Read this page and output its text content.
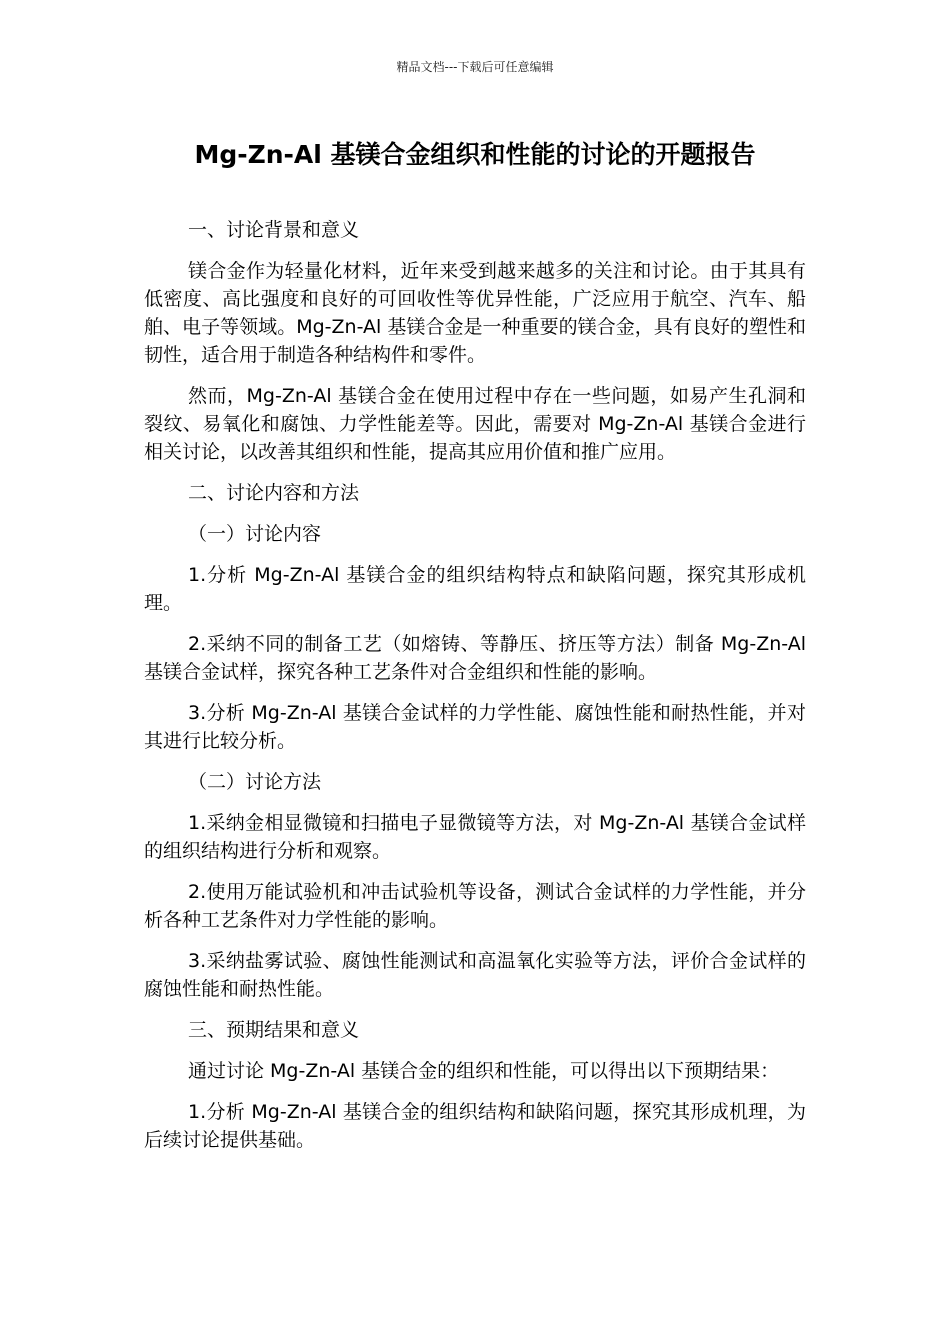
精品文档---下载后可任意编辑
Mg-Zn-Al 基镁合金组织和性能的讨论的开题报告

一、讨论背景和意义

镁合金作为轻量化材料，近年来受到越来越多的关注和讨论。由于其具有低密度、高比强度和良好的可回收性等优异性能，广泛应用于航空、汽车、船舶、电子等领域。Mg-Zn-Al 基镁合金是一种重要的镁合金，具有良好的塑性和韧性，适合用于制造各种结构件和零件。

然而，Mg-Zn-Al 基镁合金在使用过程中存在一些问题，如易产生孔洞和裂纹、易氧化和腐蚀、力学性能差等。因此，需要对 Mg-Zn-Al 基镁合金进行相关讨论，以改善其组织和性能，提高其应用价值和推广应用。

二、讨论内容和方法

（一）讨论内容

1.分析 Mg-Zn-Al 基镁合金的组织结构特点和缺陷问题，探究其形成机理。

2.采纳不同的制备工艺（如熔铸、等静压、挤压等方法）制备 Mg-Zn-Al 基镁合金试样，探究各种工艺条件对合金组织和性能的影响。

3.分析 Mg-Zn-Al 基镁合金试样的力学性能、腐蚀性能和耐热性能，并对其进行比较分析。

（二）讨论方法

1.采纳金相显微镜和扫描电子显微镜等方法，对 Mg-Zn-Al 基镁合金试样的组织结构进行分析和观察。

2.使用万能试验机和冲击试验机等设备，测试合金试样的力学性能，并分析各种工艺条件对力学性能的影响。

3.采纳盐雾试验、腐蚀性能测试和高温氧化实验等方法，评价合金试样的腐蚀性能和耐热性能。

三、预期结果和意义

通过讨论 Mg-Zn-Al 基镁合金的组织和性能，可以得出以下预期结果：

1.分析 Mg-Zn-Al 基镁合金的组织结构和缺陷问题，探究其形成机理，为后续讨论提供基础。
